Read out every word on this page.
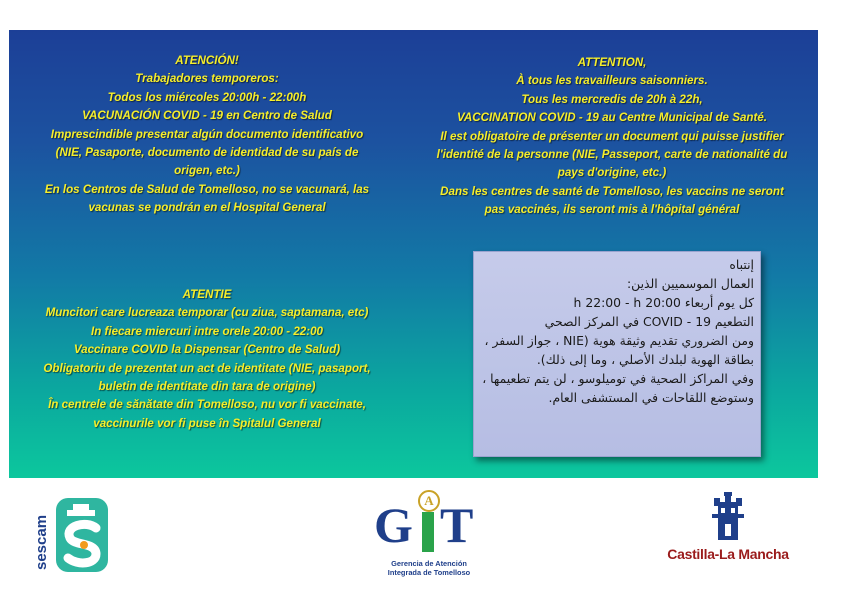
ATENCIÓN!
Trabajadores temporeros:
Todos los miércoles 20:00h - 22:00h
VACUNACIÓN COVID - 19 en Centro de Salud
Imprescindible presentar algún documento identificativo
(NIE, Pasaporte, documento de identidad de su país de
origen, etc.)
En los Centros de Salud de Tomelloso, no se vacunará, las
vacunas se pondrán en el Hospital General
ATTENTION,
À tous les travailleurs saisonniers.
Tous les mercredis de 20h à 22h,
VACCINATION COVID - 19 au Centre Municipal de Santé.
Il est obligatoire de présenter un document qui puisse justifier
l'identité de la personne (NIE, Passeport, carte de nationalité du
pays d'origine, etc.)
Dans les centres de santé de Tomelloso, les vaccins ne seront
pas vaccinés, ils seront mis à l'hôpital général
ATENTIE
Muncitori care lucreaza temporar (cu ziua, saptamana, etc)
In fiecare miercuri intre orele 20:00 - 22:00
Vaccinare COVID la Dispensar (Centro de Salud)
Obligatoriu de prezentat un act de identitate (NIE, pasaport,
buletin de identitate din tara de origine)
În centrele de sănătate din Tomelloso, nu vor fi vaccinate,
vaccinurile vor fi puse în Spitalul General
إنتباه
العمال الموسميين الذين:
كل يوم أربعاء 20:00 h 22:00 - h
التطعيم COVID - 19 في المركز الصحي
ومن الضروري تقديم وثيقة هوية (NIE ، جواز السفر ، بطاقة الهوية لبلدك الأصلي ، وما إلى ذلك).
وفي المراكز الصحية في توميلوسو ، لن يتم تطعيمها ، وستوضع اللقاحات في المستشفى العام.
sescam	G A T
Gerencia de Atención
Integrada de Tomelloso
Castilla-La Mancha
